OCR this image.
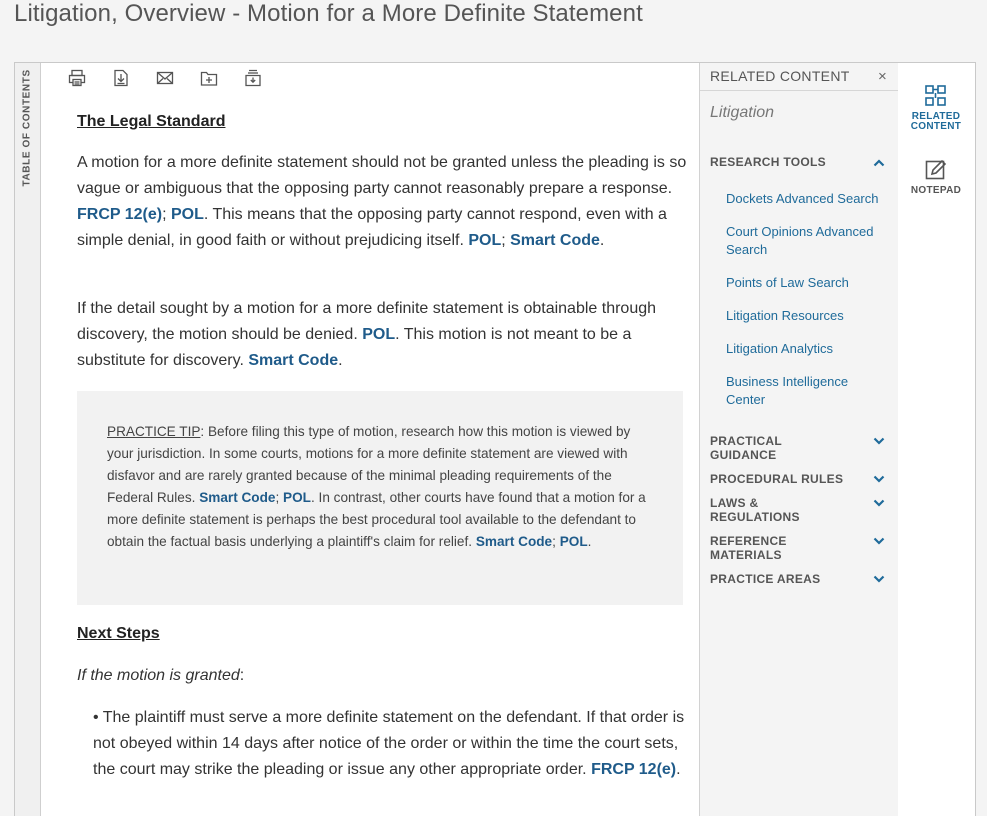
Litigation, Overview - Motion for a More Definite Statement
TABLE OF CONTENTS	The Legal Standard

A motion for a more definite statement should not be granted unless the pleading is so vague or ambiguous that the opposing party cannot reasonably prepare a response. FRCP 12(e); POL. This means that the opposing party cannot respond, even with a simple denial, in good faith or without prejudicing itself. POL; Smart Code.

If the detail sought by a motion for a more definite statement is obtainable through discovery, the motion should be denied. POL. This motion is not meant to be a substitute for discovery. Smart Code.

PRACTICE TIP: Before filing this type of motion, research how this motion is viewed by your jurisdiction. In some courts, motions for a more definite statement are viewed with disfavor and are rarely granted because of the minimal pleading requirements of the Federal Rules. Smart Code; POL. In contrast, other courts have found that a motion for a more definite statement is perhaps the best procedural tool available to the defendant to obtain the factual basis underlying a plaintiff's claim for relief. Smart Code; POL.

Next Steps

If the motion is granted:

• The plaintiff must serve a more definite statement on the defendant. If that order is not obeyed within 14 days after notice of the order or within the time the court sets, the court may strike the pleading or issue any other appropriate order. FRCP 12(e).

RELATED CONTENT ×
Litigation
RESEARCH TOOLS
Dockets Advanced Search
Court Opinions Advanced Search
Points of Law Search
Litigation Resources
Litigation Analytics
Business Intelligence Center
PRACTICAL GUIDANCE
PROCEDURAL RULES
LAWS & REGULATIONS
REFERENCE MATERIALS
PRACTICE AREAS
RELATED CONTENT
NOTEPAD
